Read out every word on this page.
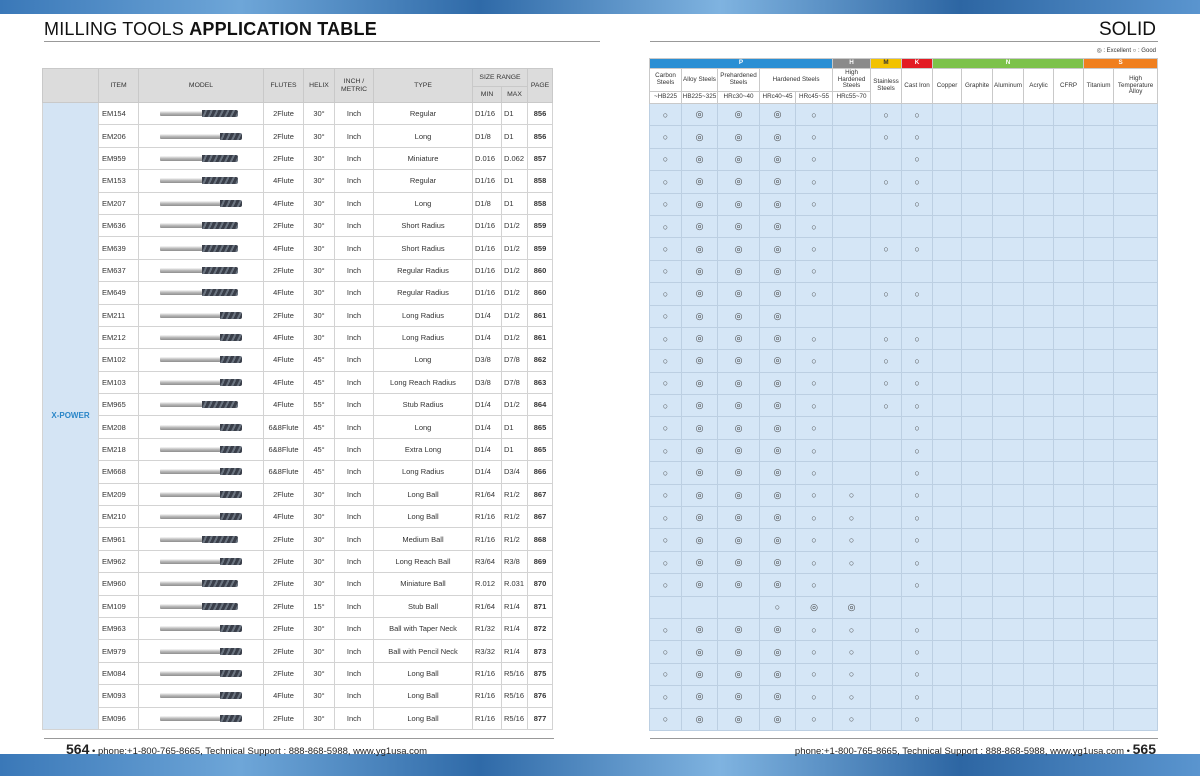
MILLING TOOLS APPLICATION TABLE	SOLID
◎ : Excellent ○ : Good
	ITEM	MODEL	FLUTES	HELIX	INCH / METRIC	TYPE	SIZE RANGE		PAGE
							MIN	MAX	
X-POWER	EM154		2Flute	30°	Inch	Regular	D1/16	D1	856
	EM206		2Flute	30°	Inch	Long	D1/8	D1	856
	EM959		2Flute	30°	Inch	Miniature	D.016	D.062	857
	EM153		4Flute	30°	Inch	Regular	D1/16	D1	858
	EM207		4Flute	30°	Inch	Long	D1/8	D1	858
	EM636		2Flute	30°	Inch	Short Radius	D1/16	D1/2	859
	EM639		4Flute	30°	Inch	Short Radius	D1/16	D1/2	859
	EM637		2Flute	30°	Inch	Regular Radius	D1/16	D1/2	860
	EM649		4Flute	30°	Inch	Regular Radius	D1/16	D1/2	860
	EM211		2Flute	30°	Inch	Long Radius	D1/4	D1/2	861
	EM212		4Flute	30°	Inch	Long Radius	D1/4	D1/2	861
	EM102		4Flute	45°	Inch	Long	D3/8	D7/8	862
	EM103		4Flute	45°	Inch	Long Reach Radius	D3/8	D7/8	863
	EM965		4Flute	55°	Inch	Stub Radius	D1/4	D1/2	864
	EM208		6&8Flute	45°	Inch	Long	D1/4	D1	865
	EM218		6&8Flute	45°	Inch	Extra Long	D1/4	D1	865
	EM668		6&8Flute	45°	Inch	Long Radius	D1/4	D3/4	866
	EM209		2Flute	30°	Inch	Long Ball	R1/64	R1/2	867
	EM210		4Flute	30°	Inch	Long Ball	R1/16	R1/2	867
	EM961		2Flute	30°	Inch	Medium Ball	R1/16	R1/2	868
	EM962		2Flute	30°	Inch	Long Reach Ball	R3/64	R3/8	869
	EM960		2Flute	30°	Inch	Miniature Ball	R.012	R.031	870
	EM109		2Flute	15°	Inch	Stub Ball	R1/64	R1/4	871
	EM963		2Flute	30°	Inch	Ball with Taper Neck	R1/32	R1/4	872
	EM979		2Flute	30°	Inch	Ball with Pencil Neck	R3/32	R1/4	873
	EM084		2Flute	30°	Inch	Long Ball	R1/16	R5/16	875
	EM093		4Flute	30°	Inch	Long Ball	R1/16	R5/16	876
	EM096		2Flute	30°	Inch	Long Ball	R1/16	R5/16	877
P					H	M	K	N					S	
Carbon Steels	Alloy Steels	Prehardened Steels	Hardened Steels		High Hardened Steels	Stainless Steels	Cast Iron	Copper	Graphite	Aluminum	Acrylic	CFRP	Titanium	High Temperature Alloy
~HB225	HB225~325	HRc30~40	HRc40~45	HRc45~55	HRc55~70									
○	◎	◎	◎	○		○	○							
○	◎	◎	◎	○		○	○							
○	◎	◎	◎	○			○							
○	◎	◎	◎	○		○	○							
○	◎	◎	◎	○			○							
○	◎	◎	◎	○										
○	◎	◎	◎	○		○	○							
○	◎	◎	◎	○										
○	◎	◎	◎	○		○	○							
○	◎	◎	◎											
○	◎	◎	◎	○		○	○							
○	◎	◎	◎	○		○	○							
○	◎	◎	◎	○		○	○							
○	◎	◎	◎	○		○	○							
○	◎	◎	◎	○			○							
○	◎	◎	◎	○			○							
○	◎	◎	◎	○			○							
○	◎	◎	◎	○	○		○							
○	◎	◎	◎	○	○		○							
○	◎	◎	◎	○	○		○							
○	◎	◎	◎	○	○		○							
○	◎	◎	◎	○			○							
			○	◎	◎									
○	◎	◎	◎	○	○		○							
○	◎	◎	◎	○	○		○							
○	◎	◎	◎	○	○		○							
○	◎	◎	◎	○	○		○							
○	◎	◎	◎	○	○		○							
564 • phone:+1-800-765-8665, Technical Support : 888-868-5988, www.yg1usa.com	phone:+1-800-765-8665, Technical Support : 888-868-5988, www.yg1usa.com • 565
